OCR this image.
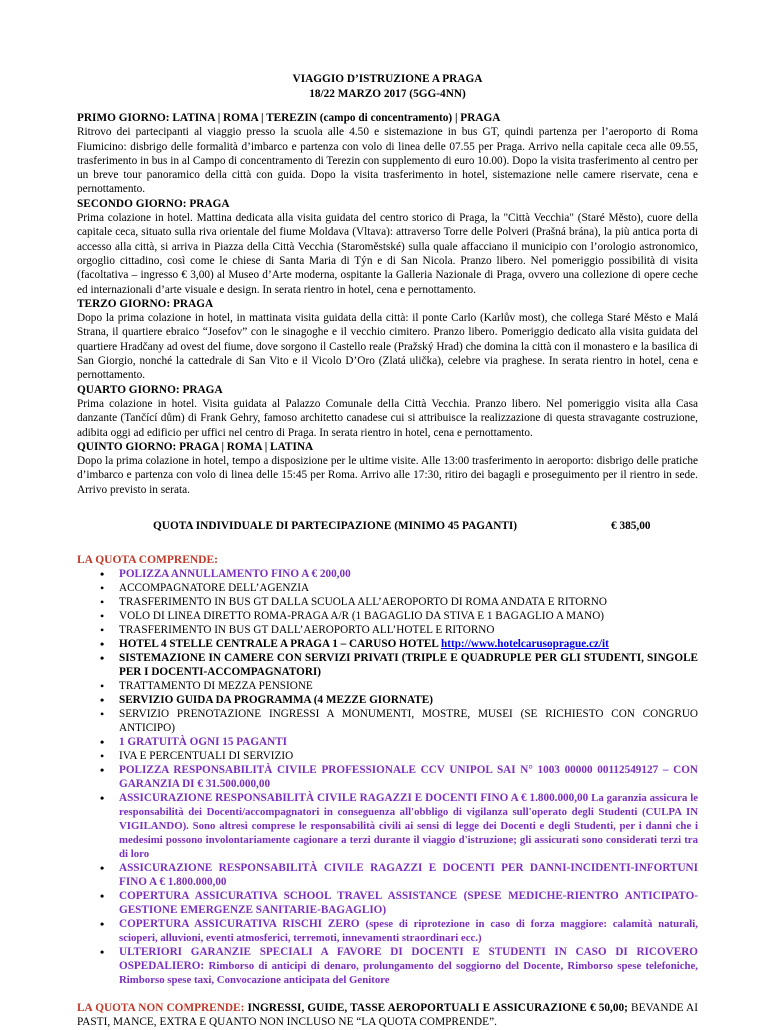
VIAGGIO D’ISTRUZIONE A PRAGA

18/22 MARZO 2017 (5GG-4NN)

PRIMO GIORNO: LATINA | ROMA | TEREZIN (campo di concentramento) | PRAGA

Ritrovo dei partecipanti al viaggio presso la scuola alle 4.50 e sistemazione in bus GT, quindi partenza per l’aeroporto di Roma Fiumicino: disbrigo delle formalità d’imbarco e partenza con volo di linea delle 07.55 per Praga. Arrivo nella capitale ceca alle 09.55, trasferimento in bus in al Campo di concentramento di Terezin con supplemento di euro 10.00). Dopo la visita trasferimento al centro per un breve tour panoramico della città con guida. Dopo la visita trasferimento in hotel, sistemazione nelle camere riservate, cena e pernottamento.

SECONDO GIORNO: PRAGA

Prima colazione in hotel. Mattina dedicata alla visita guidata del centro storico di Praga, la "Città Vecchia" (Staré Město), cuore della capitale ceca, situato sulla riva orientale del fiume Moldava (Vltava): attraverso Torre delle Polveri (Prašná brána), la più antica porta di accesso alla città, si arriva in Piazza della Città Vecchia (Staroměstské) sulla quale affacciano il municipio con l’orologio astronomico, orgoglio cittadino, così come le chiese di Santa Maria di Týn e di San Nicola. Pranzo libero. Nel pomeriggio possibilità di visita (facoltativa – ingresso € 3,00) al Museo d’Arte moderna, ospitante la Galleria Nazionale di Praga, ovvero una collezione di opere ceche ed internazionali d’arte visuale e design. In serata rientro in hotel, cena e pernottamento.

TERZO GIORNO: PRAGA

Dopo la prima colazione in hotel, in mattinata visita guidata della città: il ponte Carlo (Karlův most), che collega Staré Město e Malá Strana, il quartiere ebraico “Josefov” con le sinagoghe e il vecchio cimitero. Pranzo libero. Pomeriggio dedicato alla visita guidata del quartiere Hradčany ad ovest del fiume, dove sorgono il Castello reale (Pražský Hrad) che domina la città con il monastero e la basilica di San Giorgio, nonché la cattedrale di San Vito e il Vicolo D’Oro (Zlatá ulička), celebre via praghese. In serata rientro in hotel, cena e pernottamento.

QUARTO GIORNO: PRAGA

Prima colazione in hotel. Visita guidata al Palazzo Comunale della Città Vecchia. Pranzo libero. Nel pomeriggio visita alla Casa danzante (Tančící dům) di Frank Gehry, famoso architetto canadese cui si attribuisce la realizzazione di questa stravagante costruzione, adibita oggi ad edificio per uffici nel centro di Praga. In serata rientro in hotel, cena e pernottamento.

QUINTO GIORNO: PRAGA | ROMA | LATINA

Dopo la prima colazione in hotel, tempo a disposizione per le ultime visite. Alle 13:00 trasferimento in aeroporto: disbrigo delle pratiche d’imbarco e partenza con volo di linea delle 15:45 per Roma. Arrivo alle 17:30, ritiro dei bagagli e proseguimento per il rientro in sede. Arrivo previsto in serata.

QUOTA INDIVIDUALE DI PARTECIPAZIONE (MINIMO 45 PAGANTI)	€ 385,00
LA QUOTA COMPRENDE:
• POLIZZA ANNULLAMENTO FINO A € 200,00
• ACCOMPAGNATORE DELL’AGENZIA
• TRASFERIMENTO IN BUS GT DALLA SCUOLA ALL’AEROPORTO DI ROMA ANDATA E RITORNO
• VOLO DI LINEA DIRETTO ROMA-PRAGA A/R (1 BAGAGLIO DA STIVA E 1 BAGAGLIO A MANO)
• TRASFERIMENTO IN BUS GT DALL’AEROPORTO ALL’HOTEL E RITORNO
• HOTEL 4 STELLE CENTRALE A PRAGA 1 – CARUSO HOTEL http://www.hotelcarusoprague.cz/it
• SISTEMAZIONE IN CAMERE CON SERVIZI PRIVATI (TRIPLE E QUADRUPLE PER GLI STUDENTI, SINGOLE PER I DOCENTI-ACCOMPAGNATORI)
• TRATTAMENTO DI MEZZA PENSIONE
• SERVIZIO GUIDA DA PROGRAMMA (4 MEZZE GIORNATE)
• SERVIZIO PRENOTAZIONE INGRESSI A MONUMENTI, MOSTRE, MUSEI (SE RICHIESTO CON CONGRUO ANTICIPO)
• 1 GRATUITÀ OGNI 15 PAGANTI
• IVA E PERCENTUALI DI SERVIZIO
• POLIZZA RESPONSABILITÀ CIVILE PROFESSIONALE CCV UNIPOL SAI N° 1003 00000 00112549127 – CON GARANZIA DI € 31.500.000,00
• ASSICURAZIONE RESPONSABILITÀ CIVILE RAGAZZI E DOCENTI FINO A € 1.800.000,00 La garanzia assicura le responsabilità dei Docenti/accompagnatori in conseguenza all'obbligo di vigilanza sull'operato degli Studenti (CULPA IN VIGILANDO). Sono altresì comprese le responsabilità civili ai sensi di legge dei Docenti e degli Studenti, per i danni che i medesimi possono involontariamente cagionare a terzi durante il viaggio d'istruzione; gli assicurati sono considerati terzi tra di loro
• ASSICURAZIONE RESPONSABILITÀ CIVILE RAGAZZI E DOCENTI PER DANNI-INCIDENTI-INFORTUNI FINO A € 1.800.000,00
• COPERTURA ASSICURATIVA SCHOOL TRAVEL ASSISTANCE (SPESE MEDICHE-RIENTRO ANTICIPATO-GESTIONE EMERGENZE SANITARIE-BAGAGLIO)
• COPERTURA ASSICURATIVA RISCHI ZERO (spese di riprotezione in caso di forza maggiore: calamità naturali, scioperi, alluvioni, eventi atmosferici, terremoti, innevamenti straordinari ecc.)
• ULTERIORI GARANZIE SPECIALI A FAVORE DI DOCENTI E STUDENTI IN CASO DI RICOVERO OSPEDALIERO: Rimborso di anticipi di denaro, prolungamento del soggiorno del Docente, Rimborso spese telefoniche, Rimborso spese taxi, Convocazione anticipata del Genitore
LA QUOTA NON COMPRENDE: INGRESSI, GUIDE, TASSE AEROPORTUALI E ASSICURAZIONE € 50,00; BEVANDE AI PASTI, MANCE, EXTRA E QUANTO NON INCLUSO NE “LA QUOTA COMPRENDE”.
